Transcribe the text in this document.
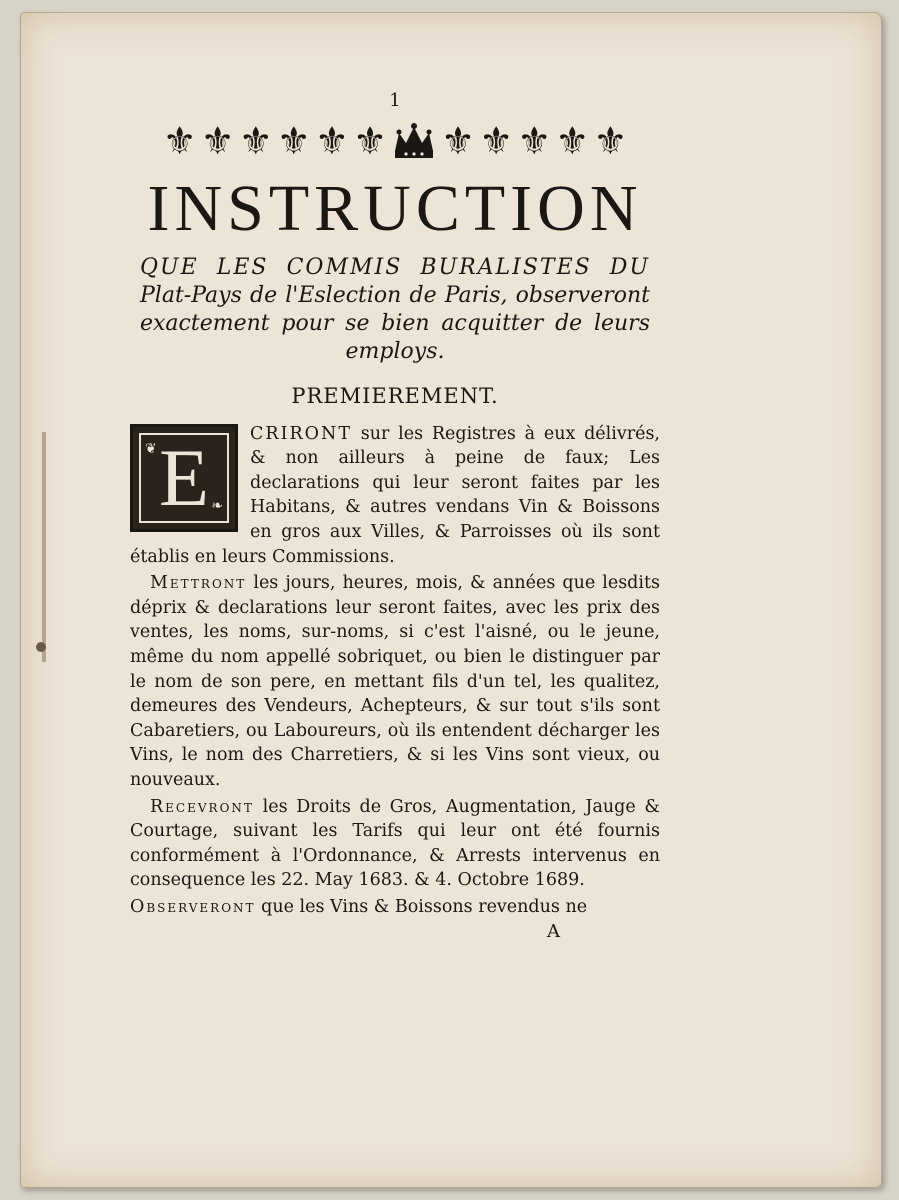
1
⚜ ⚜ ⚜ ⚜ ⚜ ⚜ ⚜ ⚜ ⚜ ⚜ ⚜
INSTRUCTION
QUE LES COMMIS BURALISTES DU Plat-Pays de l'Eslection de Paris, observeront exactement pour se bien acquitter de leurs employs.
PREMIEREMENT.

❦
❧
E CRIRONT sur les Registres à eux délivrés, & non ailleurs à peine de faux; Les declarations qui leur seront faites par les Habitans, & autres vendans Vin & Boissons en gros aux Villes, & Parroisses où ils sont établis en leurs Commissions.

Mettront les jours, heures, mois, & années que lesdits déprix & declarations leur seront faites, avec les prix des ventes, les noms, sur-noms, si c'est l'aisné, ou le jeune, même du nom appellé sobriquet, ou bien le distinguer par le nom de son pere, en mettant fils d'un tel, les qualitez, demeures des Vendeurs, Achepteurs, & sur tout s'ils sont Cabaretiers, ou Laboureurs, où ils entendent décharger les Vins, le nom des Charretiers, & si les Vins sont vieux, ou nouveaux.

Recevront les Droits de Gros, Augmentation, Jauge & Courtage, suivant les Tarifs qui leur ont été fournis conformément à l'Ordonnance, & Arrests intervenus en consequence les 22. May 1683. & 4. Octobre 1689.

Observeront que les Vins & Boissons revendus ne

A
